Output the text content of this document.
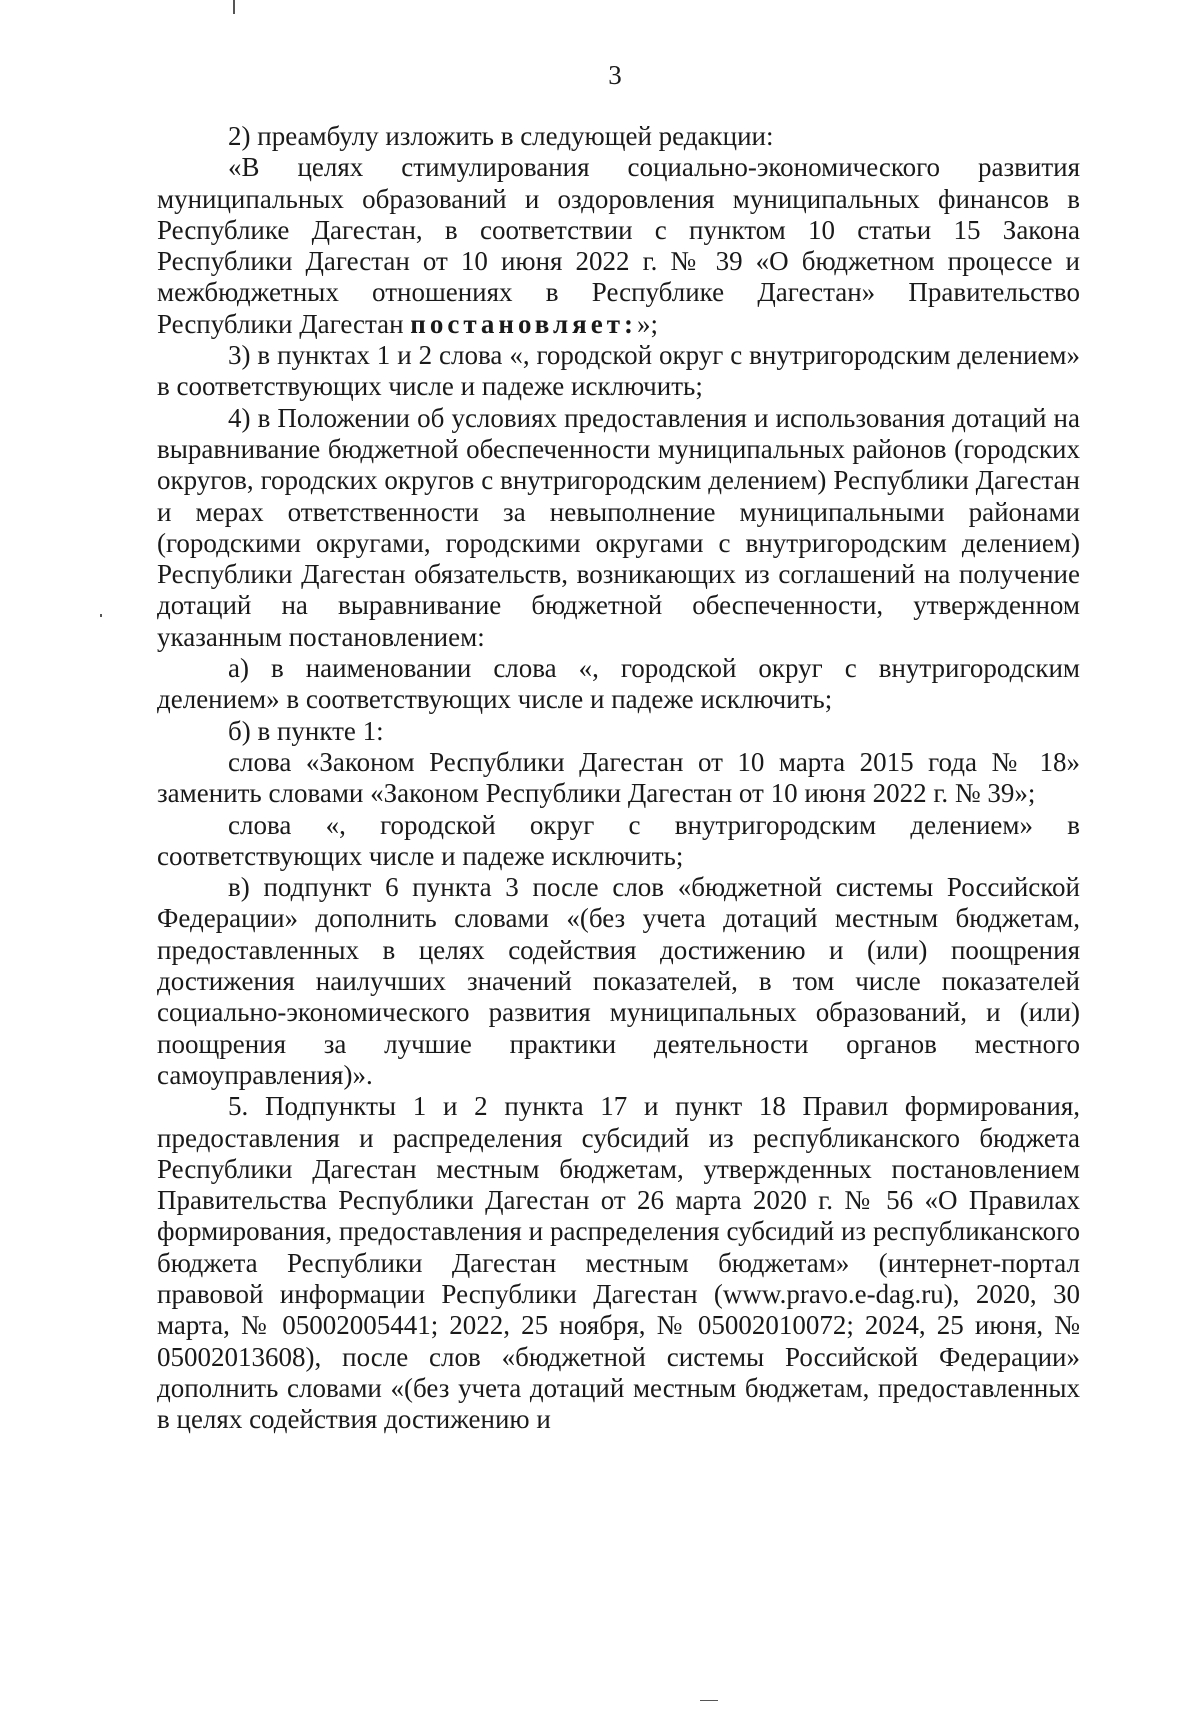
3

2) преамбулу изложить в следующей редакции:

«В целях стимулирования социально-экономического развития муниципальных образований и оздоровления муниципальных финансов в Республике Дагестан, в соответствии с пунктом 10 статьи 15 Закона Республики Дагестан от 10 июня 2022 г. № 39 «О бюджетном процессе и межбюджетных отношениях в Республике Дагестан» Правительство Республики Дагестан постановляет:»;

3) в пунктах 1 и 2 слова «, городской округ с внутригородским делением» в соответствующих числе и падеже исключить;

4) в Положении об условиях предоставления и использования дотаций на выравнивание бюджетной обеспеченности муниципальных районов (городских округов, городских округов с внутригородским делением) Республики Дагестан и мерах ответственности за невыполнение муниципальными районами (городскими округами, городскими округами с внутригородским делением) Республики Дагестан обязательств, возникающих из соглашений на получение дотаций на выравнивание бюджетной обеспеченности, утвержденном указанным постановлением:

а) в наименовании слова «, городской округ с внутригородским делением» в соответствующих числе и падеже исключить;

б) в пункте 1:

слова «Законом Республики Дагестан от 10 марта 2015 года № 18» заменить словами «Законом Республики Дагестан от 10 июня 2022 г. № 39»;

слова «, городской округ с внутригородским делением» в соответствующих числе и падеже исключить;

в) подпункт 6 пункта 3 после слов «бюджетной системы Российской Федерации» дополнить словами «(без учета дотаций местным бюджетам, предоставленных в целях содействия достижению и (или) поощрения достижения наилучших значений показателей, в том числе показателей социально-экономического развития муниципальных образований, и (или) поощрения за лучшие практики деятельности органов местного самоуправления)».

5. Подпункты 1 и 2 пункта 17 и пункт 18 Правил формирования, предоставления и распределения субсидий из республиканского бюджета Республики Дагестан местным бюджетам, утвержденных постановлением Правительства Республики Дагестан от 26 марта 2020 г. № 56 «О Правилах формирования, предоставления и распределения субсидий из республиканского бюджета Республики Дагестан местным бюджетам» (интернет-портал правовой информации Республики Дагестан (www.pravo.e-dag.ru), 2020, 30 марта, № 05002005441; 2022, 25 ноября, № 05002010072; 2024, 25 июня, № 05002013608), после слов «бюджетной системы Российской Федерации» дополнить словами «(без учета дотаций местным бюджетам, предоставленных в целях содействия достижению и
